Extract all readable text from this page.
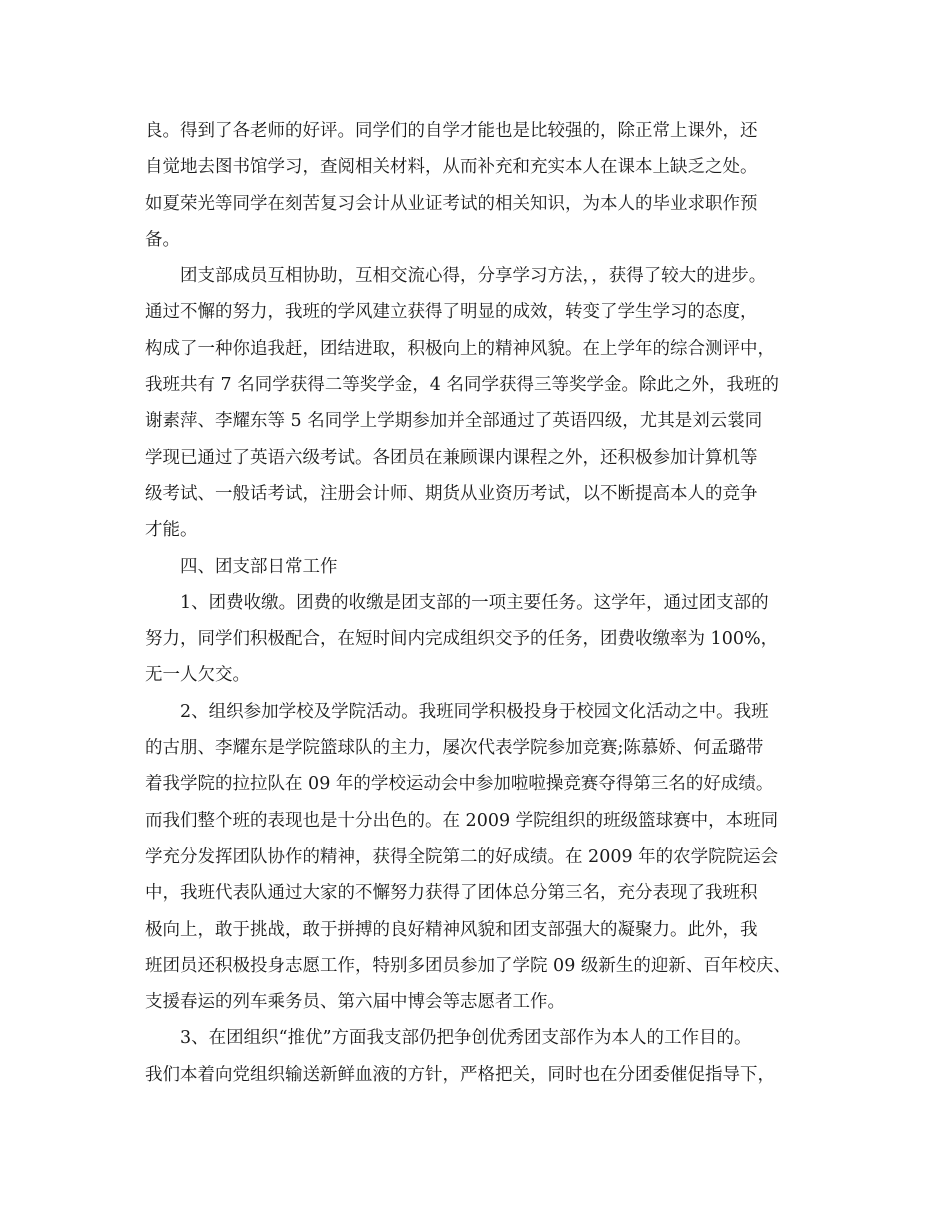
良。得到了各老师的好评。同学们的自学才能也是比较强的，除正常上课外，还
自觉地去图书馆学习，查阅相关材料，从而补充和充实本人在课本上缺乏之处。
如夏荣光等同学在刻苦复习会计从业证考试的相关知识，为本人的毕业求职作预
备。
团支部成员互相协助，互相交流心得，分享学习方法，，获得了较大的进步。
通过不懈的努力，我班的学风建立获得了明显的成效，转变了学生学习的态度，
构成了一种你追我赶，团结进取，积极向上的精神风貌。在上学年的综合测评中，
我班共有 7 名同学获得二等奖学金，4 名同学获得三等奖学金。除此之外，我班的
谢素萍、李耀东等 5 名同学上学期参加并全部通过了英语四级，尤其是刘云裳同
学现已通过了英语六级考试。各团员在兼顾课内课程之外，还积极参加计算机等
级考试、一般话考试，注册会计师、期货从业资历考试，以不断提高本人的竞争
才能。
四、团支部日常工作
1、团费收缴。团费的收缴是团支部的一项主要任务。这学年，通过团支部的
努力，同学们积极配合，在短时间内完成组织交予的任务，团费收缴率为 100%，
无一人欠交。
2、组织参加学校及学院活动。我班同学积极投身于校园文化活动之中。我班
的古朋、李耀东是学院篮球队的主力，屡次代表学院参加竞赛;陈慕娇、何孟璐带
着我学院的拉拉队在 09 年的学校运动会中参加啦啦操竞赛夺得第三名的好成绩。
而我们整个班的表现也是十分出色的。在 2009 学院组织的班级篮球赛中，本班同
学充分发挥团队协作的精神，获得全院第二的好成绩。在 2009 年的农学院院运会
中，我班代表队通过大家的不懈努力获得了团体总分第三名，充分表现了我班积
极向上，敢于挑战，敢于拼搏的良好精神风貌和团支部强大的凝聚力。此外，我
班团员还积极投身志愿工作，特别多团员参加了学院 09 级新生的迎新、百年校庆、
支援春运的列车乘务员、第六届中博会等志愿者工作。
3、在团组织“推优”方面我支部仍把争创优秀团支部作为本人的工作目的。
我们本着向党组织输送新鲜血液的方针，严格把关，同时也在分团委催促指导下，
